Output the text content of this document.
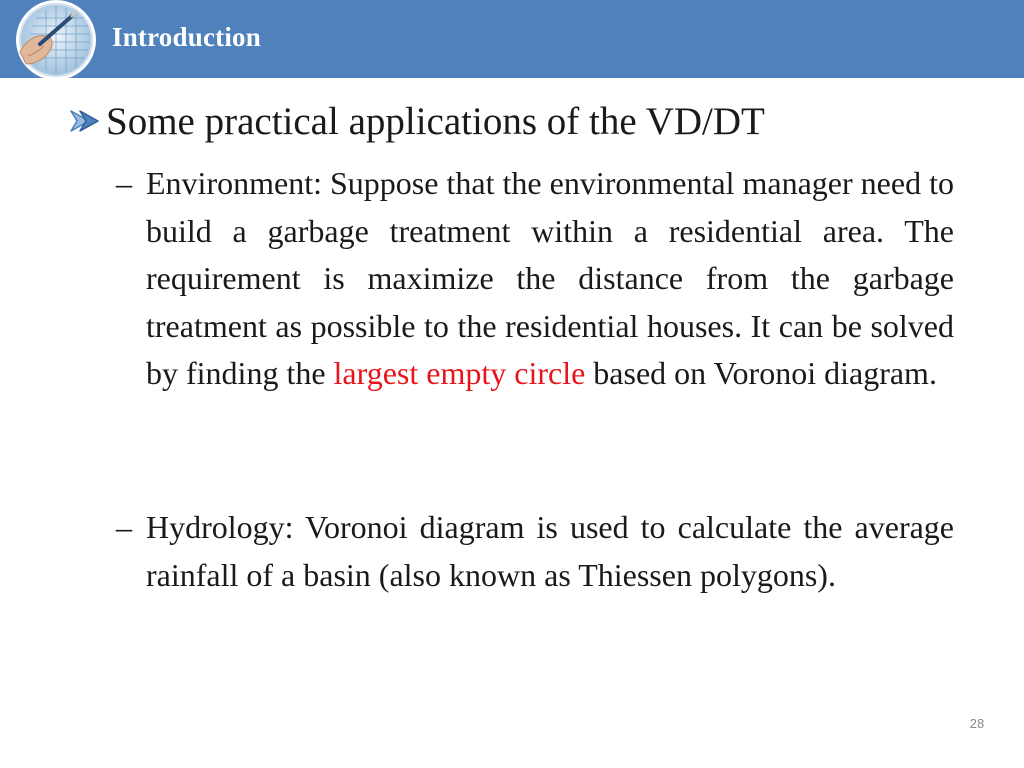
Introduction
Some practical applications of the VD/DT
– Environment: Suppose that the environmental manager need to build a garbage treatment within a residential area. The requirement is maximize the distance from the garbage treatment as possible to the residential houses. It can be solved by finding the largest empty circle based on Voronoi diagram.
– Hydrology: Voronoi diagram is used to calculate the average rainfall of a basin (also known as Thiessen polygons).
28
